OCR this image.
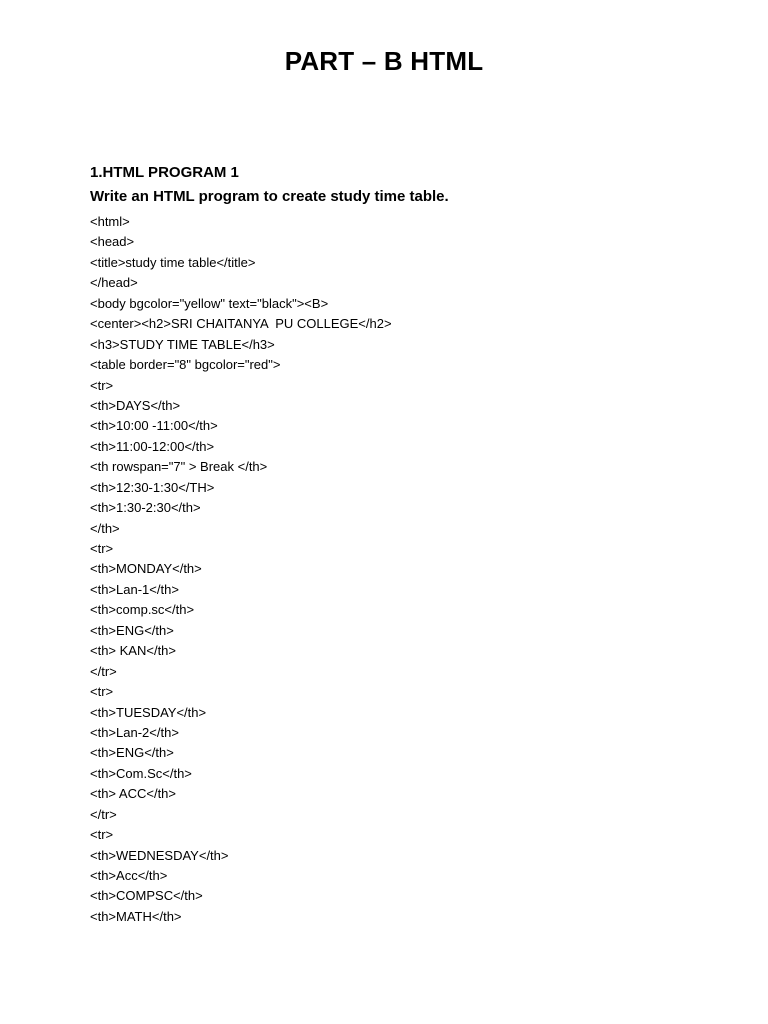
PART – B HTML

1.HTML PROGRAM 1

Write an HTML program to create study time table.

<html>
<head>
<title>study time table</title>
</head>
<body bgcolor="yellow" text="black"><B>
<center><h2>SRI CHAITANYA  PU COLLEGE</h2>
<h3>STUDY TIME TABLE</h3>
<table border="8" bgcolor="red">
<tr>
<th>DAYS</th>
<th>10:00 -11:00</th>
<th>11:00-12:00</th>
<th rowspan="7" > Break </th>
<th>12:30-1:30</TH>
<th>1:30-2:30</th>
</th>
<tr>
<th>MONDAY</th>
<th>Lan-1</th>
<th>comp.sc</th>
<th>ENG</th>
<th> KAN</th>
</tr>
<tr>
<th>TUESDAY</th>
<th>Lan-2</th>
<th>ENG</th>
<th>Com.Sc</th>
<th> ACC</th>
</tr>
<tr>
<th>WEDNESDAY</th>
<th>Acc</th>
<th>COMPSC</th>
<th>MATH</th>
